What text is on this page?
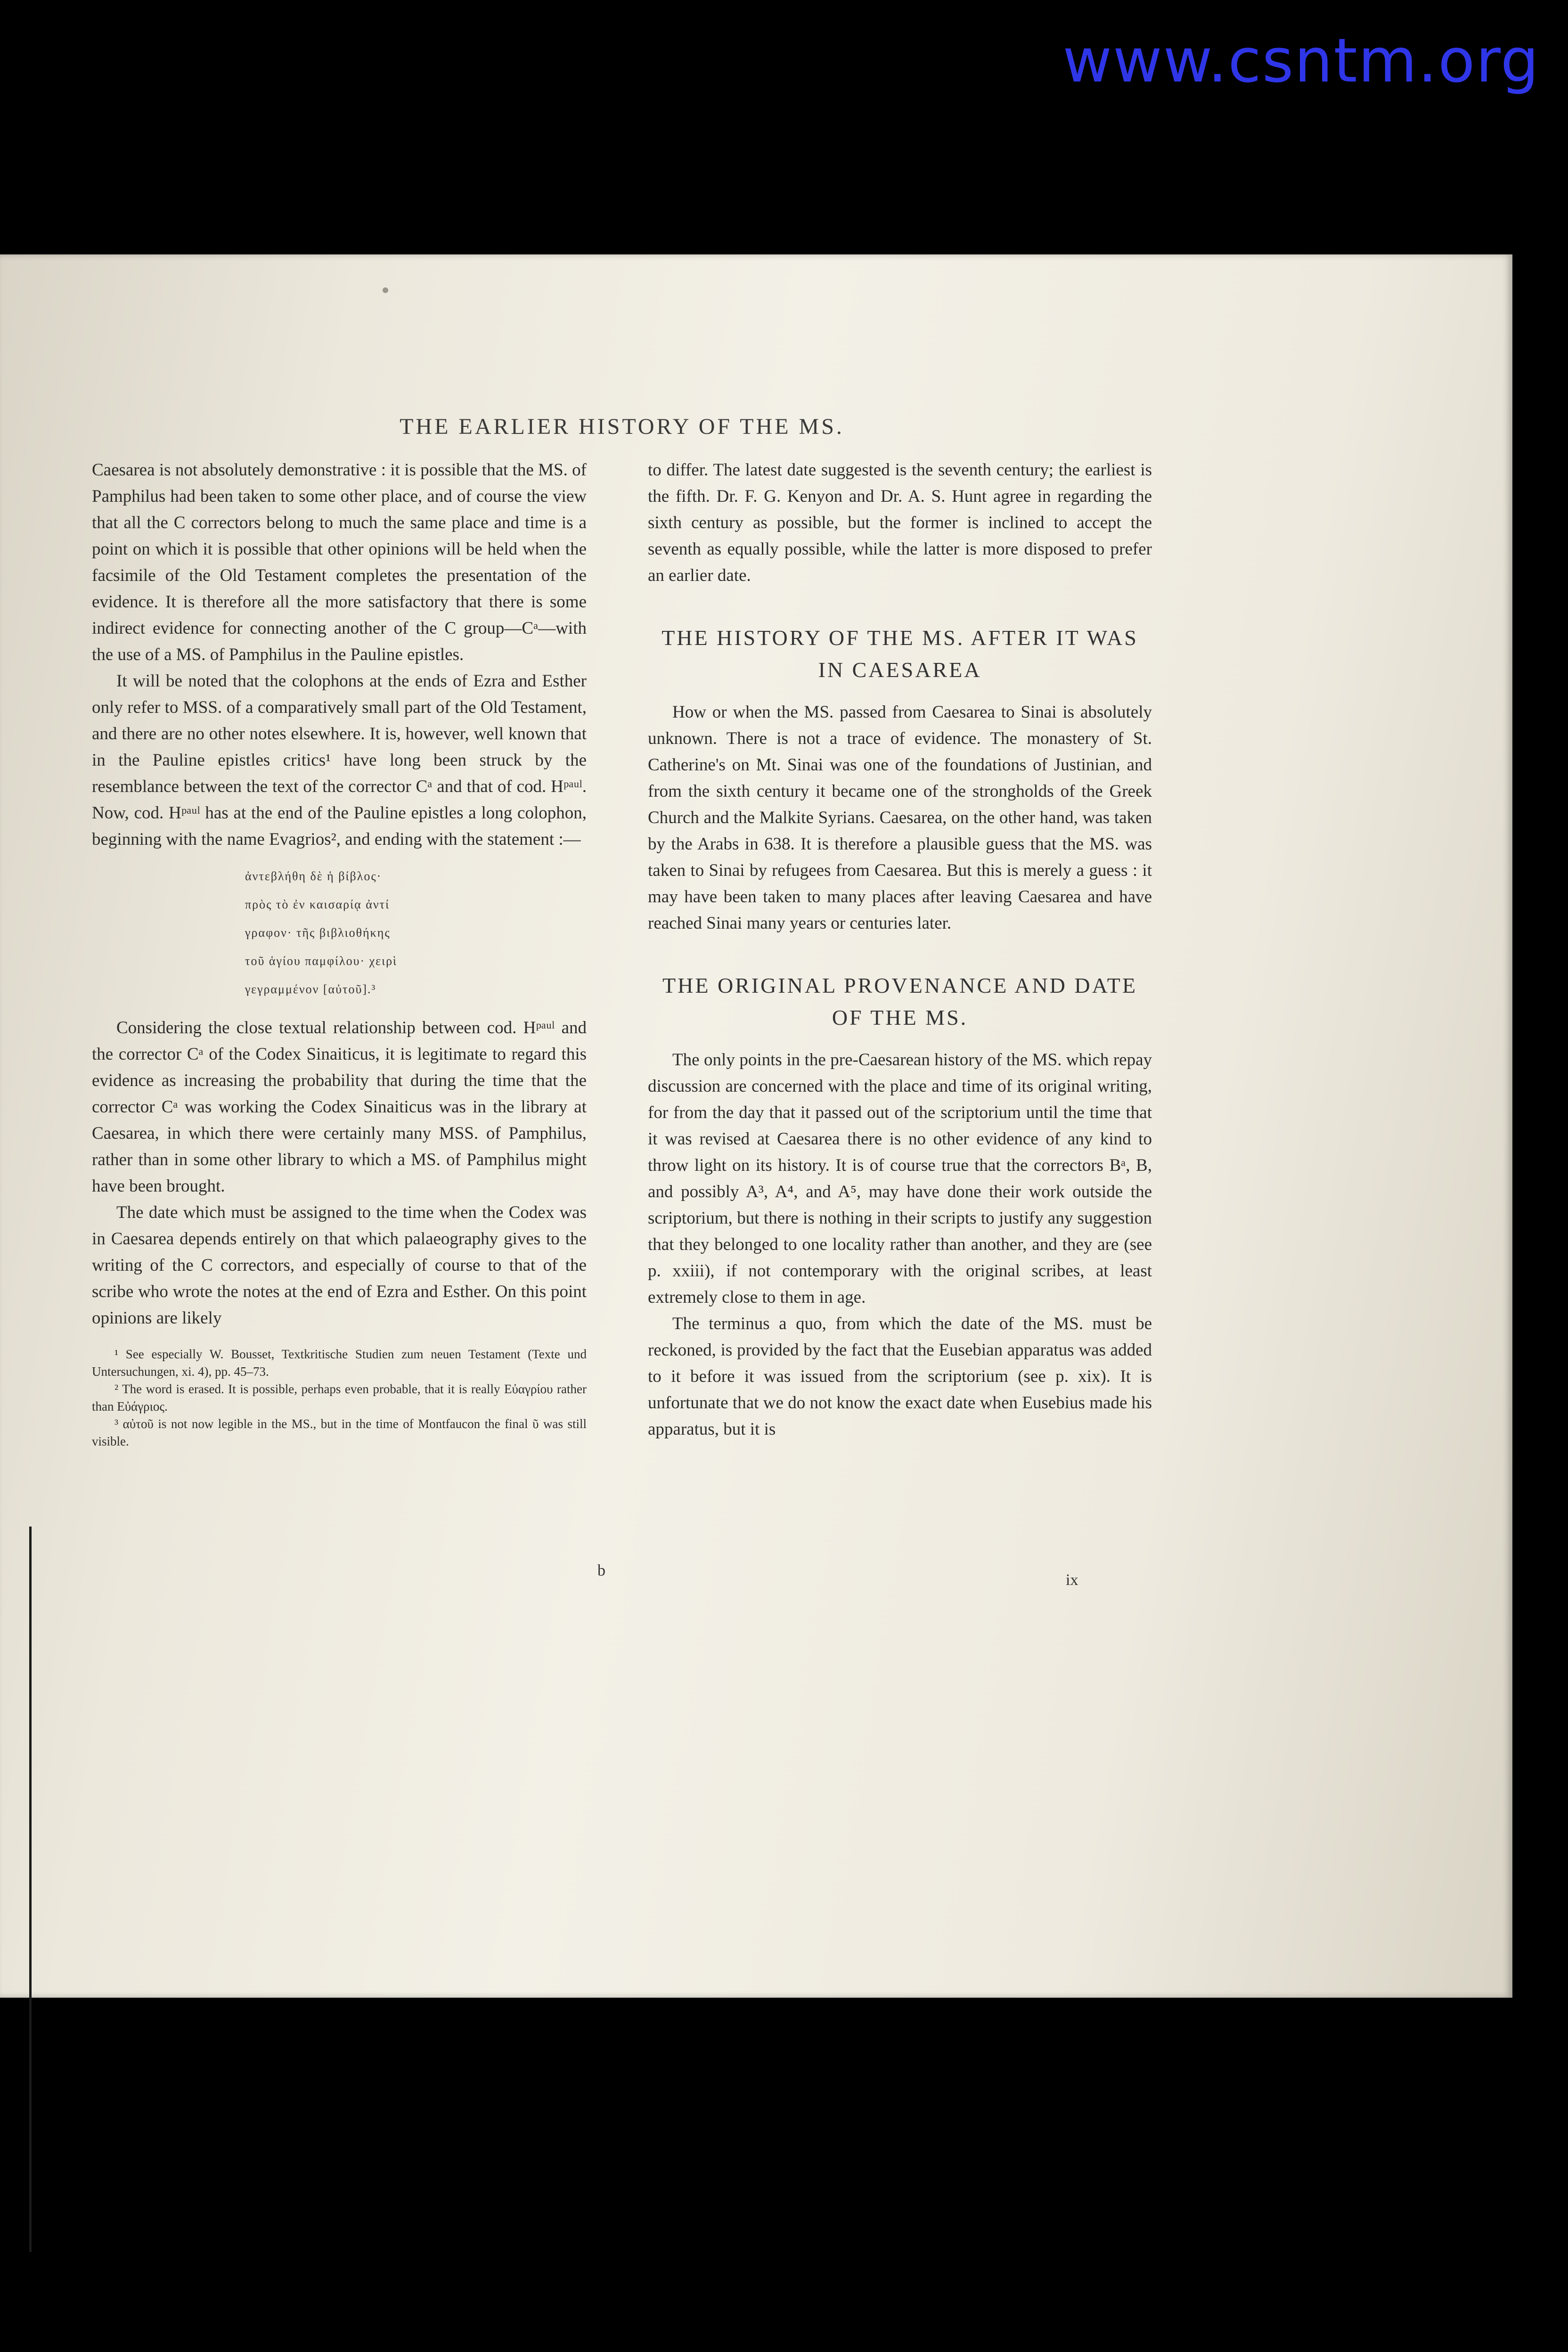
www.csntm.org
THE EARLIER HISTORY OF THE MS.

Caesarea is not absolutely demonstrative : it is possible that the MS. of Pamphilus had been taken to some other place, and of course the view that all the C correctors belong to much the same place and time is a point on which it is possible that other opinions will be held when the facsimile of the Old Testament completes the presentation of the evidence. It is therefore all the more satisfactory that there is some indirect evidence for connecting another of the C group—Cᵃ—with the use of a MS. of Pamphilus in the Pauline epistles.

It will be noted that the colophons at the ends of Ezra and Esther only refer to MSS. of a comparatively small part of the Old Testament, and there are no other notes elsewhere. It is, however, well known that in the Pauline epistles critics¹ have long been struck by the resemblance between the text of the corrector Cᵃ and that of cod. Hᵖᵃᵘˡ. Now, cod. Hᵖᵃᵘˡ has at the end of the Pauline epistles a long colophon, beginning with the name Evagrios², and ending with the statement :—

ἀντεβλήθη δὲ ἡ βίβλος·
πρὸς τὸ ἐν καισαρίᾳ ἀντί
γραφον· τῆς βιβλιοθήκης
τοῦ ἁγίου παμφίλου· χειρὶ
γεγραμμένον [αὐτοῦ].³

Considering the close textual relationship between cod. Hᵖᵃᵘˡ and the corrector Cᵃ of the Codex Sinaiticus, it is legitimate to regard this evidence as increasing the probability that during the time that the corrector Cᵃ was working the Codex Sinaiticus was in the library at Caesarea, in which there were certainly many MSS. of Pamphilus, rather than in some other library to which a MS. of Pamphilus might have been brought.

The date which must be assigned to the time when the Codex was in Caesarea depends entirely on that which palaeography gives to the writing of the C correctors, and especially of course to that of the scribe who wrote the notes at the end of Ezra and Esther. On this point opinions are likely

¹ See especially W. Bousset, Textkritische Studien zum neuen Testament (Texte und Untersuchungen, xi. 4), pp. 45–73.

² The word is erased. It is possible, perhaps even probable, that it is really Εὐαγρίου rather than Εὐάγριος.

³ αὐτοῦ is not now legible in the MS., but in the time of Montfaucon the final ῦ was still visible.

to differ. The latest date suggested is the seventh century; the earliest is the fifth. Dr. F. G. Kenyon and Dr. A. S. Hunt agree in regarding the sixth century as possible, but the former is inclined to accept the seventh as equally possible, while the latter is more disposed to prefer an earlier date.

THE HISTORY OF THE MS. AFTER IT WAS IN CAESAREA

How or when the MS. passed from Caesarea to Sinai is absolutely unknown. There is not a trace of evidence. The monastery of St. Catherine's on Mt. Sinai was one of the foundations of Justinian, and from the sixth century it became one of the strongholds of the Greek Church and the Malkite Syrians. Caesarea, on the other hand, was taken by the Arabs in 638. It is therefore a plausible guess that the MS. was taken to Sinai by refugees from Caesarea. But this is merely a guess : it may have been taken to many places after leaving Caesarea and have reached Sinai many years or centuries later.

THE ORIGINAL PROVENANCE AND DATE OF THE MS.

The only points in the pre-Caesarean history of the MS. which repay discussion are concerned with the place and time of its original writing, for from the day that it passed out of the scriptorium until the time that it was revised at Caesarea there is no other evidence of any kind to throw light on its history. It is of course true that the correctors Bᵃ, B, and possibly A³, A⁴, and A⁵, may have done their work outside the scriptorium, but there is nothing in their scripts to justify any suggestion that they belonged to one locality rather than another, and they are (see p. xxiii), if not contemporary with the original scribes, at least extremely close to them in age.

The terminus a quo, from which the date of the MS. must be reckoned, is provided by the fact that the Eusebian apparatus was added to it before it was issued from the scriptorium (see p. xix). It is unfortunate that we do not know the exact date when Eusebius made his apparatus, but it is

b
ix
